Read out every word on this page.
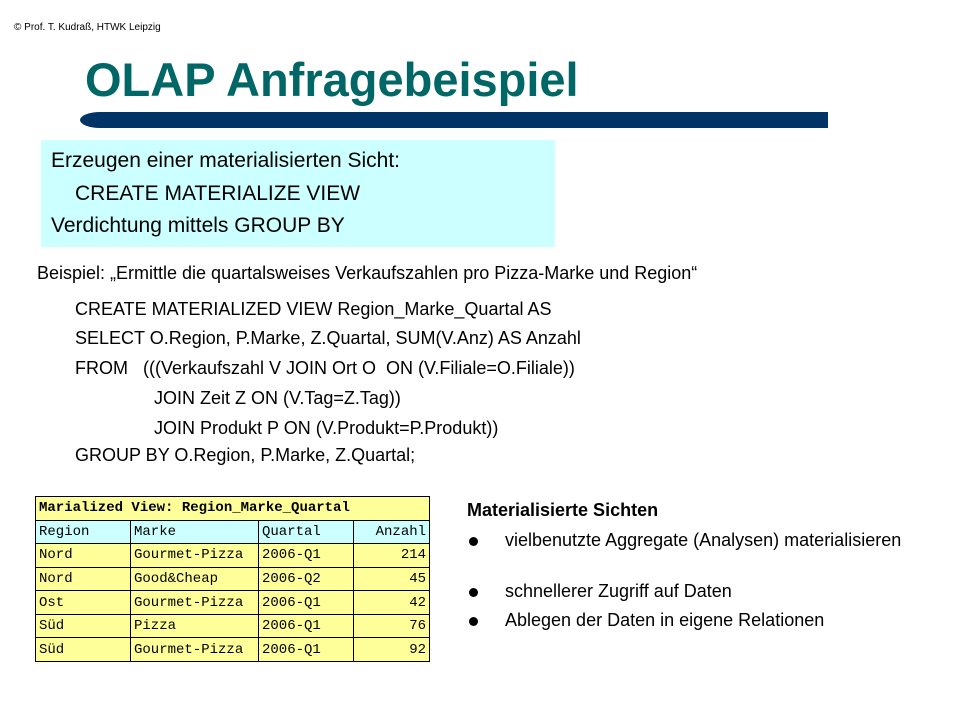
© Prof. T. Kudraß, HTWK Leipzig
OLAP Anfragebeispiel
Erzeugen einer materialisierten Sicht:
CREATE MATERIALIZE VIEW
Verdichtung mittels GROUP BY
Beispiel: „Ermittle die quartalsweises Verkaufszahlen pro Pizza-Marke und Region“
CREATE MATERIALIZED VIEW Region_Marke_Quartal AS
SELECT O.Region, P.Marke, Z.Quartal, SUM(V.Anz) AS Anzahl
FROM   (((Verkaufszahl V JOIN Ort O  ON (V.Filiale=O.Filiale))
JOIN Zeit Z ON (V.Tag=Z.Tag))
JOIN Produkt P ON (V.Produkt=P.Produkt))
GROUP BY O.Region, P.Marke, Z.Quartal;
Marialized View: Region_Marke_Quartal			
Region	Marke	Quartal	Anzahl
Nord	Gourmet-Pizza	2006-Q1	214
Nord	Good&Cheap	2006-Q2	45
Ost	Gourmet-Pizza	2006-Q1	42
Süd	Pizza	2006-Q1	76
Süd	Gourmet-Pizza	2006-Q1	92
Materialisierte Sichten
vielbenutzte Aggregate (Analysen) materialisieren
schnellerer Zugriff auf Daten
Ablegen der Daten in eigene Relationen
